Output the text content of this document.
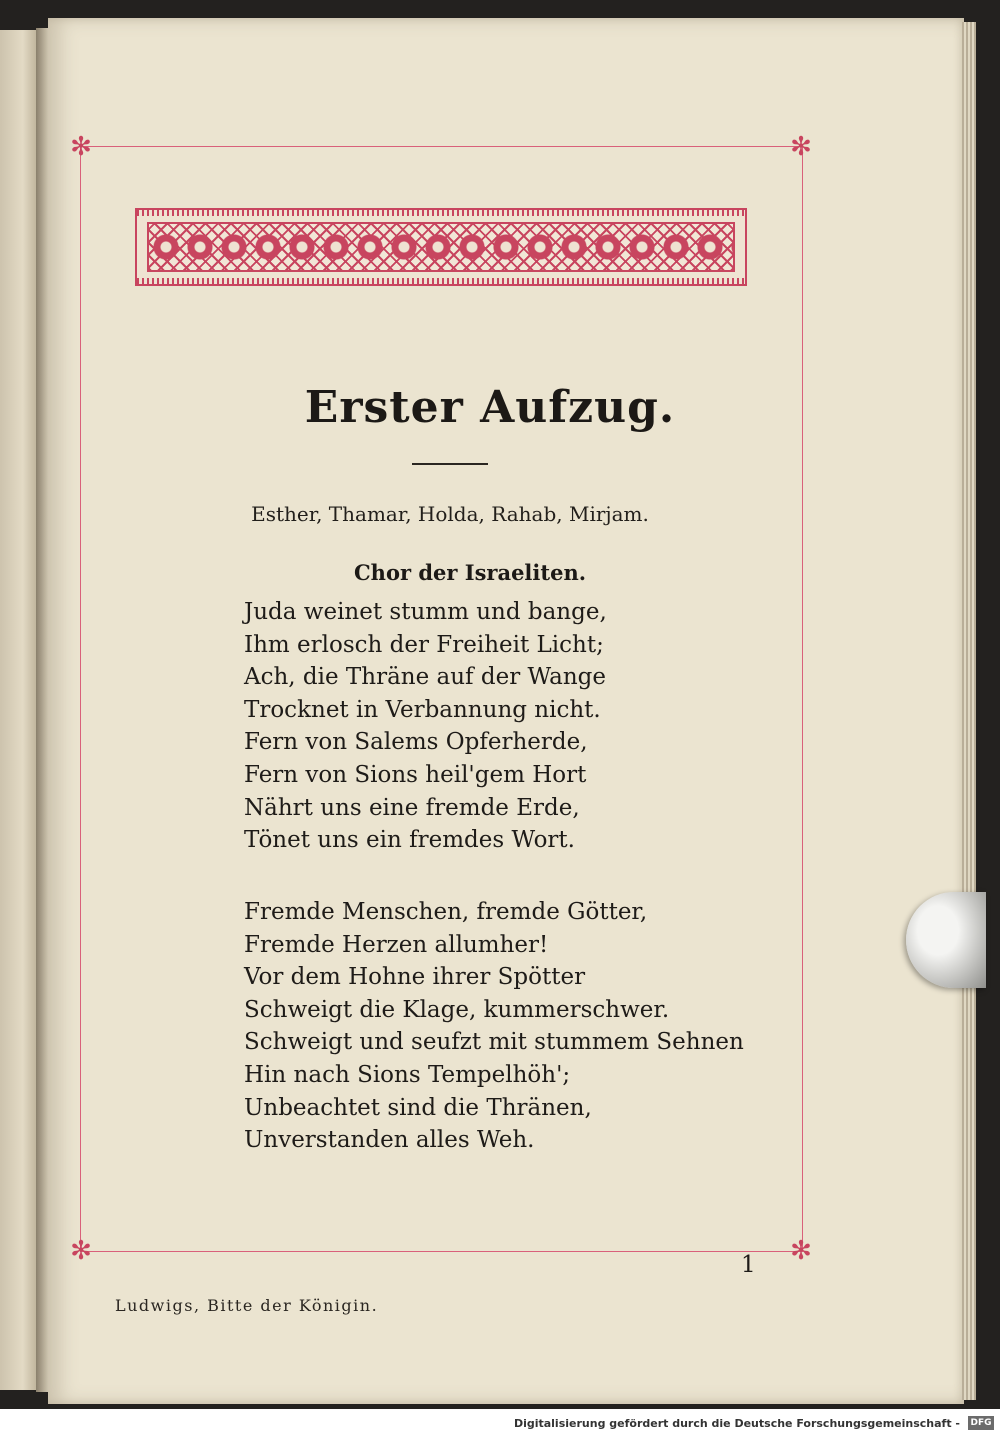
✻	✻
✻	✻
Erster Aufzug.

Esther, Thamar, Holda, Rahab, Mirjam.

Chor der Israeliten.

Juda weinet stumm und bange,
Ihm erlosch der Freiheit Licht;
Ach, die Thräne auf der Wange
Trocknet in Verbannung nicht.
Fern von Salems Opferherde,
Fern von Sions heil'gem Hort
Nährt uns eine fremde Erde,
Tönet uns ein fremdes Wort.
Fremde Menschen, fremde Götter,
Fremde Herzen allumher!
Vor dem Hohne ihrer Spötter
Schweigt die Klage, kummerschwer.
Schweigt und seufzt mit stummem Sehnen
Hin nach Sions Tempelhöh';
Unbeachtet sind die Thränen,
Unverstanden alles Weh.
1
Ludwigs, Bitte der Königin.
Digitalisierung gefördert durch die Deutsche Forschungsgemeinschaft - DFG
